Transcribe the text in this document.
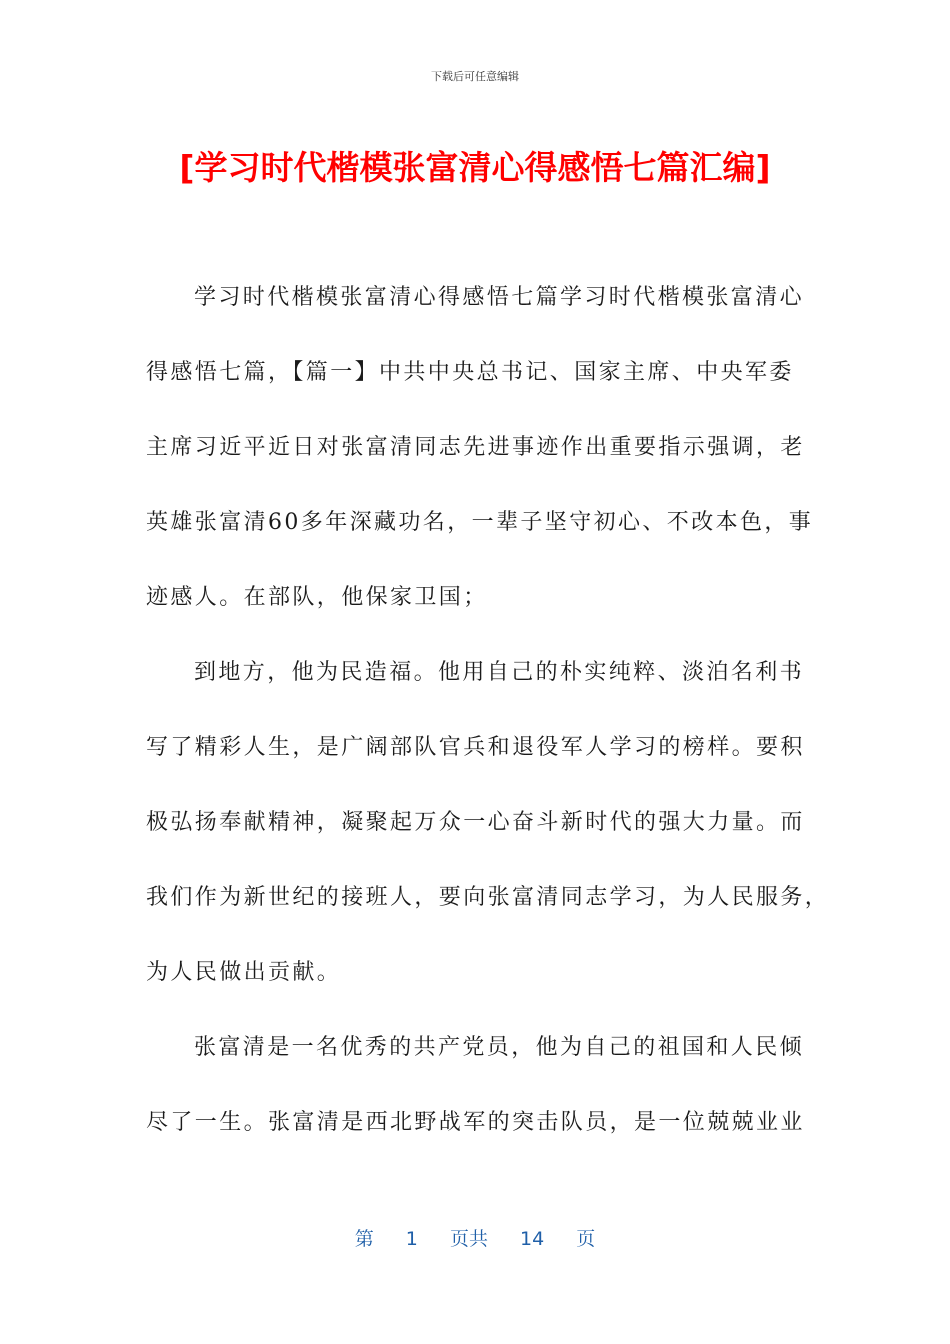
下载后可任意编辑
[学习时代楷模张富清心得感悟七篇汇编]
学习时代楷模张富清心得感悟七篇学习时代楷模张富清心
得感悟七篇，【篇一】中共中央总书记、国家主席、中央军委
主席习近平近日对张富清同志先进事迹作出重要指示强调，老
英雄张富清60多年深藏功名，一辈子坚守初心、不改本色，事
迹感人。在部队，他保家卫国；
到地方，他为民造福。他用自己的朴实纯粹、淡泊名利书
写了精彩人生，是广阔部队官兵和退役军人学习的榜样。要积
极弘扬奉献精神，凝聚起万众一心奋斗新时代的强大力量。而
我们作为新世纪的接班人，要向张富清同志学习，为人民服务，
为人民做出贡献。
张富清是一名优秀的共产党员，他为自己的祖国和人民倾
尽了一生。张富清是西北野战军的突击队员，是一位兢兢业业
第 1 页共 14 页
